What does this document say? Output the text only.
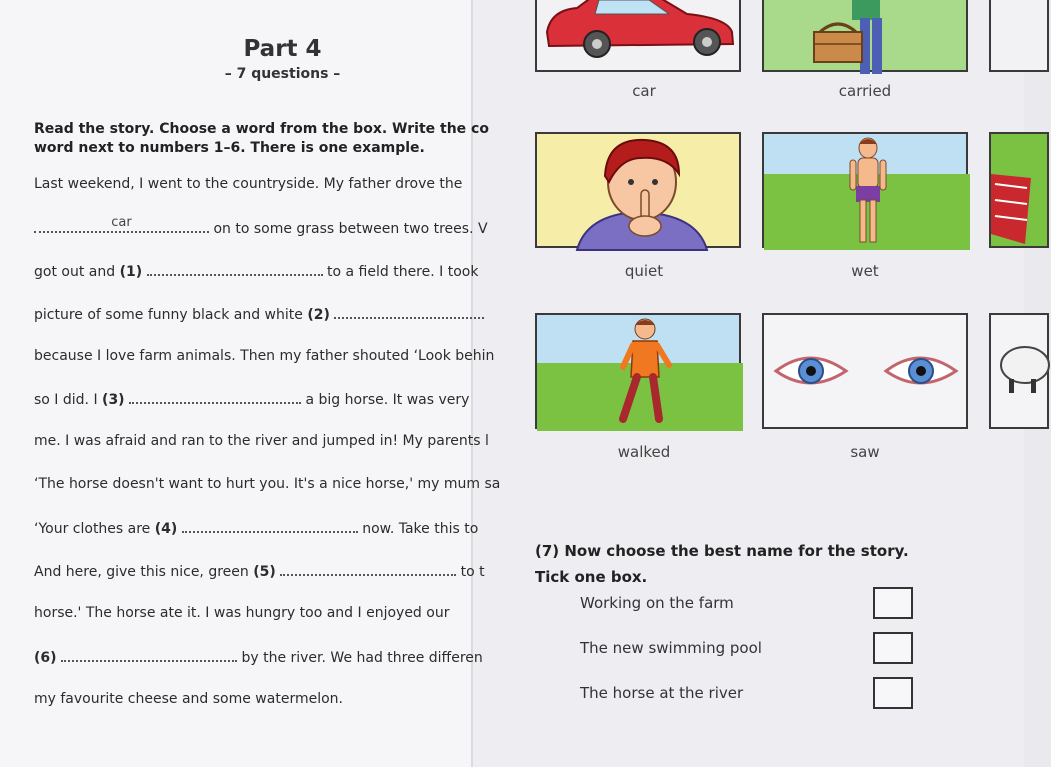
Part 4
– 7 questions –
Read the story. Choose a word from the box. Write the co
word next to numbers 1–6. There is one example.
Last weekend, I went to the countryside. My father drove the
car	on to some grass between two trees. V
got out and (1)	to a field there. I took
picture of some funny black and white (2)
because I love farm animals. Then my father shouted ‘Look behin
so I did. I (3)	a big horse. It was very
me. I was afraid and ran to the river and jumped in! My parents l
‘The horse doesn't want to hurt you. It's a nice horse,' my mum sa
‘Your clothes are (4)	now. Take this to
And here, give this nice, green (5)	to t
horse.' The horse ate it. I was hungry too and I enjoyed our
(6)	by the river. We had three differen
my favourite cheese and some watermelon.
car	carried
quiet	wet
walked	saw
(7) Now choose the best name for the story.
Tick one box.
Working on the farm
The new swimming pool
The horse at the river
